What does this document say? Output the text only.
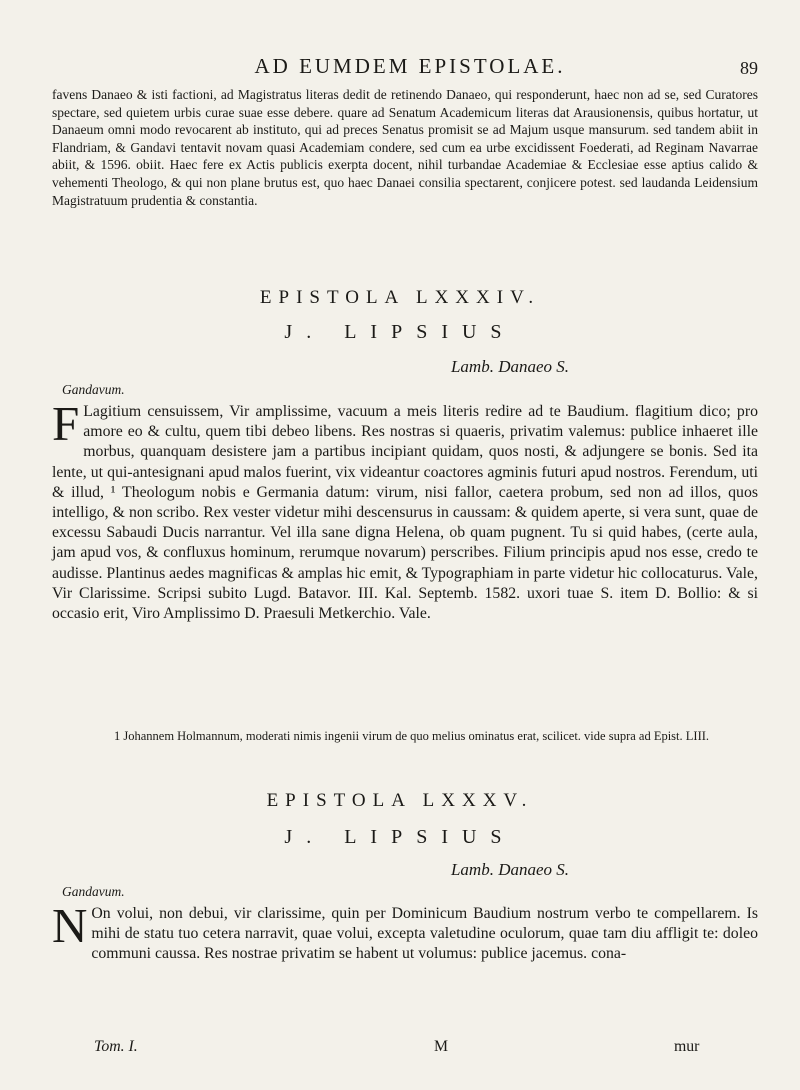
AD EUMDEM EPISTOLAE.	89
favens Danaeo & isti factioni, ad Magistratus literas dedit de retinendo Danaeo, qui responderunt, haec non ad se, sed Curatores spectare, sed quietem urbis curae suae esse debere. quare ad Senatum Academicum literas dat Arausionensis, quibus hortatur, ut Danaeum omni modo revocarent ab instituto, qui ad preces Senatus promisit se ad Majum usque mansurum. sed tandem abiit in Flandriam, & Gandavi tentavit novam quasi Academiam condere, sed cum ea urbe excidissent Foederati, ad Reginam Navarrae abiit, & 1596. obiit. Haec fere ex Actis publicis exerpta docent, nihil turbandae Academiae & Ecclesiae esse aptius calido & vehementi Theologo, & qui non plane brutus est, quo haec Danaei consilia spectarent, conjicere potest. sed laudanda Leidensium Magistratuum prudentia & constantia.
EPISTOLA LXXXIV.
J. LIPSIUS
Lamb. Danaeo S.
Gandavum.
F Lagitium censuissem, Vir amplissime, vacuum a meis literis redire ad te Baudium. flagitium dico; pro amore eo & cultu, quem tibi debeo libens. Res nostras si quaeris, privatim valemus: publice inhaeret ille morbus, quanquam desistere jam a partibus incipiant quidam, quos nosti, & adjungere se bonis. Sed ita lente, ut qui-antesignani apud malos fuerint, vix videantur coactores agminis futuri apud nostros. Ferendum, uti & illud, ¹ Theologum nobis e Germania datum: virum, nisi fallor, caetera probum, sed non ad illos, quos intelligo, & non scribo. Rex vester videtur mihi descensurus in caussam: & quidem aperte, si vera sunt, quae de excessu Sabaudi Ducis narrantur. Vel illa sane digna Helena, ob quam pugnent. Tu si quid habes, (certe aula, jam apud vos, & confluxus hominum, rerumque novarum) perscribes. Filium principis apud nos esse, credo te audisse. Plantinus aedes magnificas & amplas hic emit, & Typographiam in parte videtur hic collocaturus. Vale, Vir Clarissime. Scripsi subito Lugd. Batavor. III. Kal. Septemb. 1582. uxori tuae S. item D. Bollio: & si occasio erit, Viro Amplissimo D. Praesuli Metkerchio. Vale.
1 Johannem Holmannum, moderati nimis ingenii virum de quo melius ominatus erat, scilicet. vide supra ad Epist. LIII.
EPISTOLA LXXXV.
J. LIPSIUS
Lamb. Danaeo S.
Gandavum.
N On volui, non debui, vir clarissime, quin per Dominicum Baudium nostrum verbo te compellarem. Is mihi de statu tuo cetera narravit, quae volui, excepta valetudine oculorum, quae tam diu affligit te: doleo communi caussa. Res nostrae privatim se habent ut volumus: publice jacemus. cona-
Tom. I.	M	mur
